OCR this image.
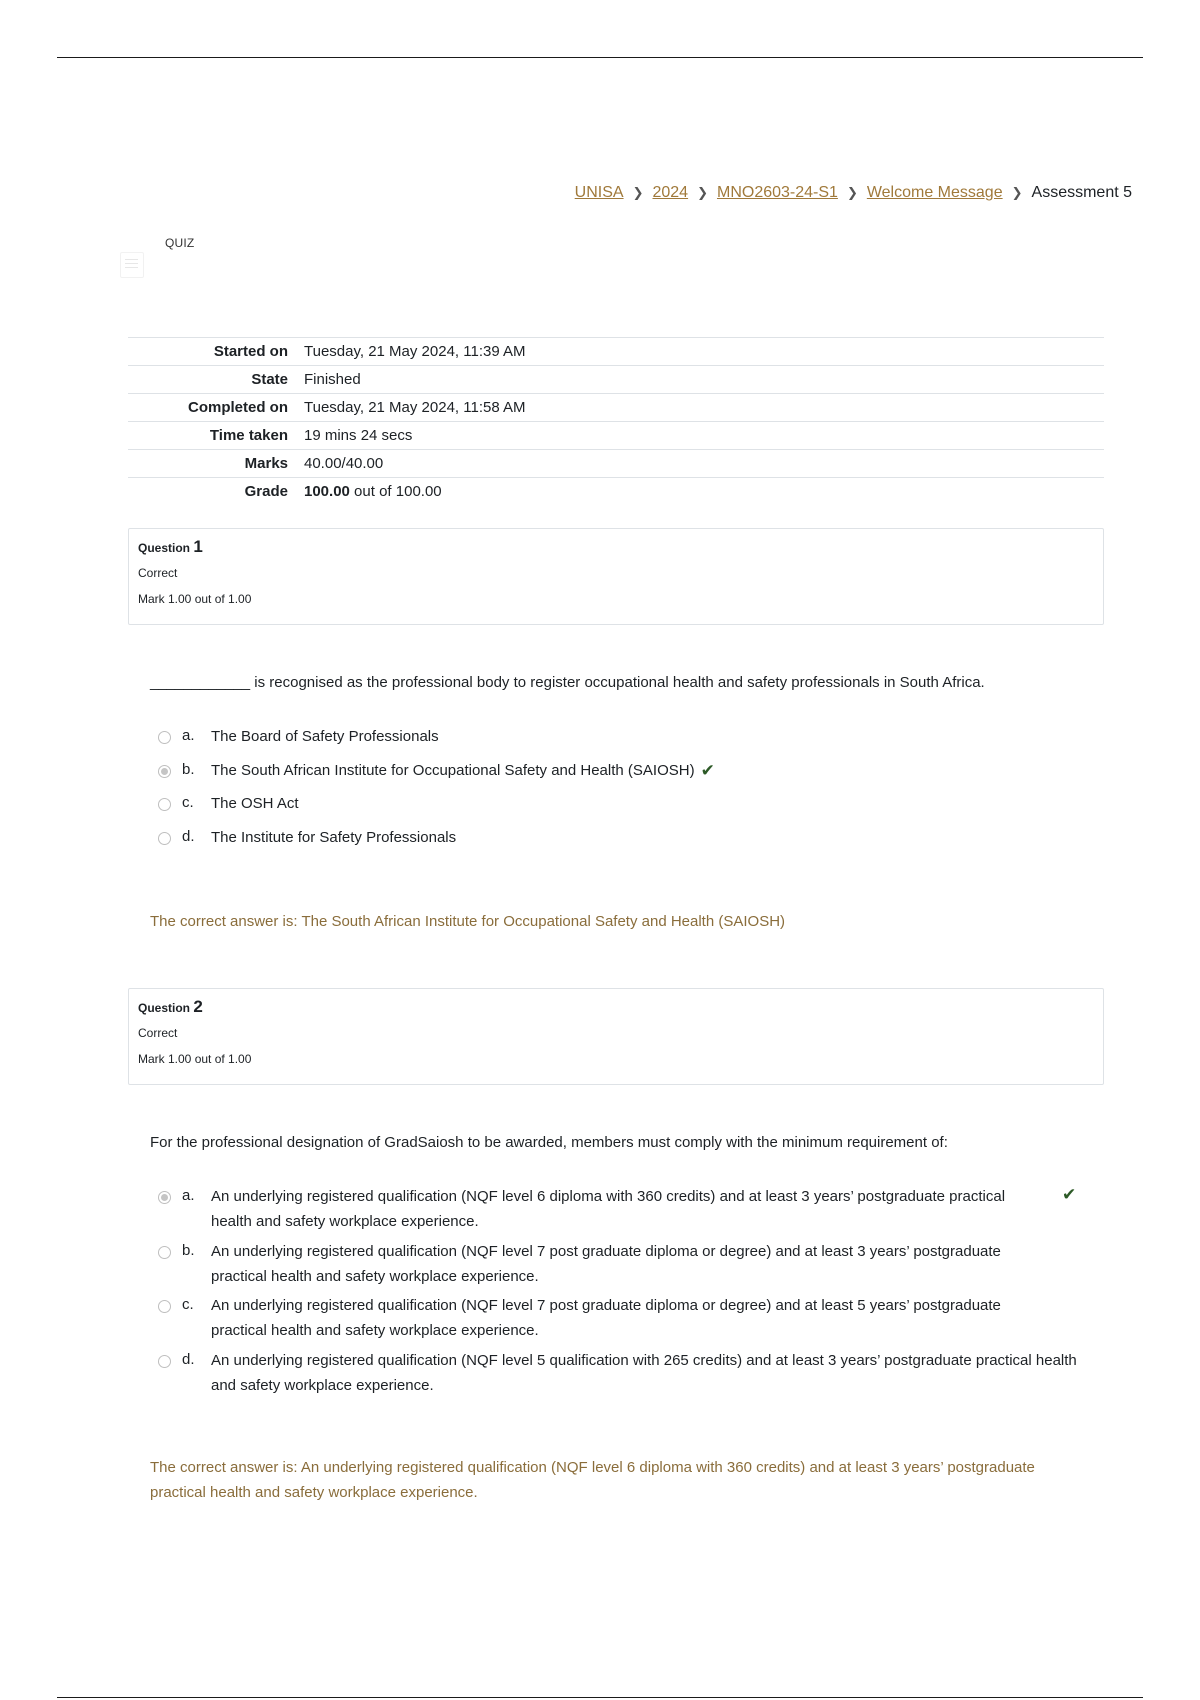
UNISA ❯ 2024 ❯ MNO2603-24-S1 ❯ Welcome Message ❯ Assessment 5
QUIZ
Started on	Tuesday, 21 May 2024, 11:39 AM
State	Finished
Completed on	Tuesday, 21 May 2024, 11:58 AM
Time taken	19 mins 24 secs
Marks	40.00/40.00
Grade	100.00 out of 100.00
Question 1
Correct
Mark 1.00 out of 1.00
____________ is recognised as the professional body to register occupational health and safety professionals in South Africa.
a.	The Board of Safety Professionals
b.	The South African Institute for Occupational Safety and Health (SAIOSH) ✔
c.	The OSH Act
d.	The Institute for Safety Professionals
The correct answer is: The South African Institute for Occupational Safety and Health (SAIOSH)
Question 2
Correct
Mark 1.00 out of 1.00
For the professional designation of GradSaiosh to be awarded, members must comply with the minimum requirement of:
a.	An underlying registered qualification (NQF level 6 diploma with 360 credits) and at least 3 years’ postgraduate practical health and safety workplace experience.
✔
b.	An underlying registered qualification (NQF level 7 post graduate diploma or degree) and at least 3 years’ postgraduate practical health and safety workplace experience.
c.	An underlying registered qualification (NQF level 7 post graduate diploma or degree) and at least 5 years’ postgraduate practical health and safety workplace experience.
d.	An underlying registered qualification (NQF level 5 qualification with 265 credits) and at least 3 years’ postgraduate practical health and safety workplace experience.
The correct answer is: An underlying registered qualification (NQF level 6 diploma with 360 credits) and at least 3 years’ postgraduate practical health and safety workplace experience.
